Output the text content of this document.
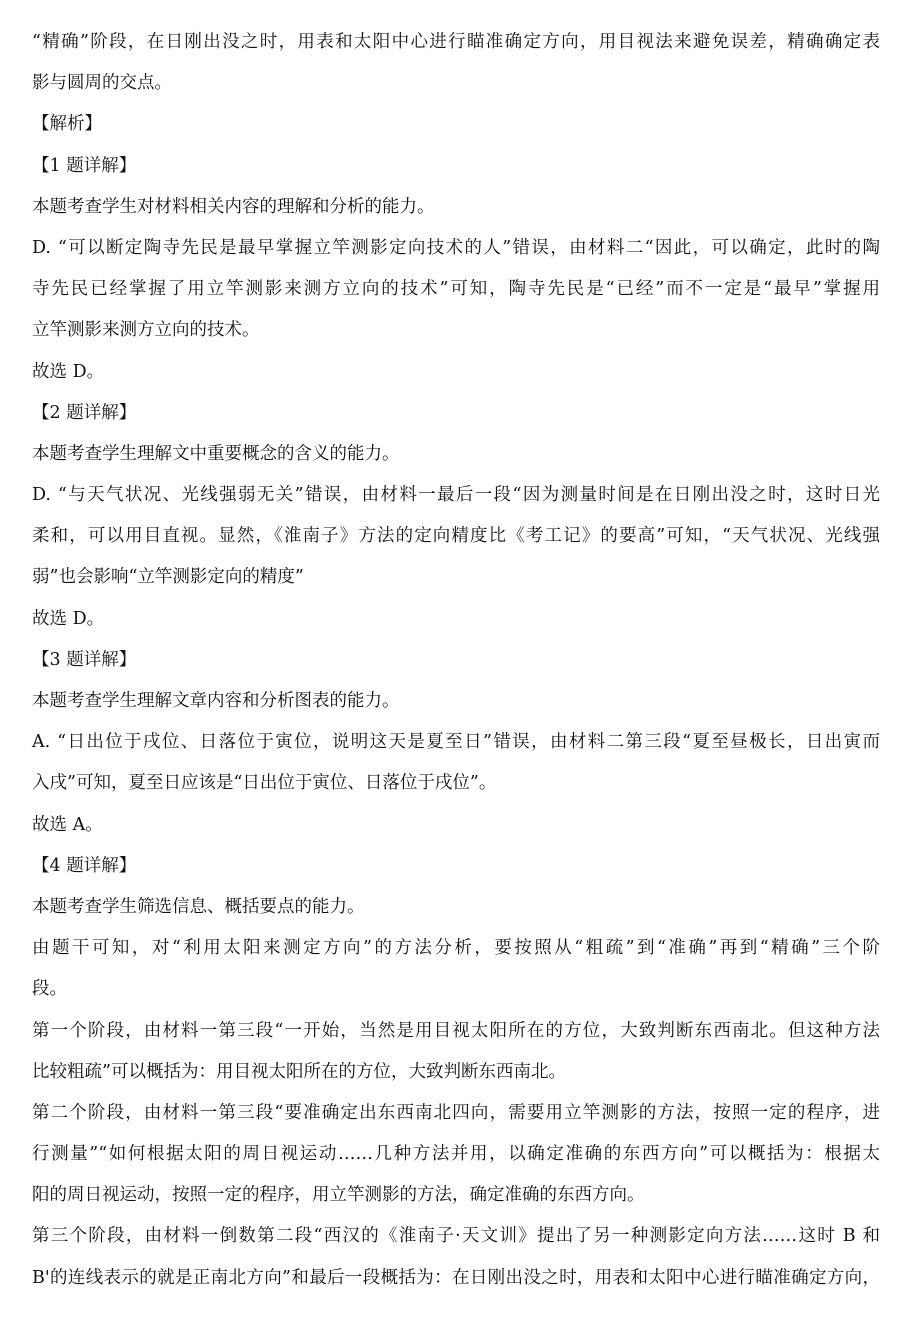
“精确”阶段，在日刚出没之时，用表和太阳中心进行瞄准确定方向，用目视法来避免误差，精确确定表
影与圆周的交点。
【解析】
【1 题详解】
本题考查学生对材料相关内容的理解和分析的能力。
D. “可以断定陶寺先民是最早掌握立竿测影定向技术的人”错误，由材料二“因此，可以确定，此时的陶
寺先民已经掌握了用立竿测影来测方立向的技术”可知，陶寺先民是“已经”而不一定是“最早”掌握用
立竿测影来测方立向的技术。
故选 D。
【2 题详解】
本题考查学生理解文中重要概念的含义的能力。
D. “与天气状况、光线强弱无关”错误，由材料一最后一段“因为测量时间是在日刚出没之时，这时日光
柔和，可以用目直视。显然，《淮南子》方法的定向精度比《考工记》的要高”可知，“天气状况、光线强
弱”也会影响“立竿测影定向的精度”
故选 D。
【3 题详解】
本题考查学生理解文章内容和分析图表的能力。
A. “日出位于戌位、日落位于寅位，说明这天是夏至日”错误，由材料二第三段“夏至昼极长，日出寅而
入戌”可知，夏至日应该是“日出位于寅位、日落位于戌位”。
故选 A。
【4 题详解】
本题考查学生筛选信息、概括要点的能力。
由题干可知，对“利用太阳来测定方向”的方法分析，要按照从“粗疏”到“准确”再到“精确”三个阶
段。
第一个阶段，由材料一第三段“一开始，当然是用目视太阳所在的方位，大致判断东西南北。但这种方法
比较粗疏”可以概括为：用目视太阳所在的方位，大致判断东西南北。
第二个阶段，由材料一第三段“要准确定出东西南北四向，需要用立竿测影的方法，按照一定的程序，进
行测量”“如何根据太阳的周日视运动……几种方法并用，以确定准确的东西方向”可以概括为：根据太
阳的周日视运动，按照一定的程序，用立竿测影的方法，确定准确的东西方向。
第三个阶段，由材料一倒数第二段“西汉的《淮南子·天文训》提出了另一种测影定向方法……这时 B 和
B'的连线表示的就是正南北方向”和最后一段概括为：在日刚出没之时，用表和太阳中心进行瞄准确定方向，
